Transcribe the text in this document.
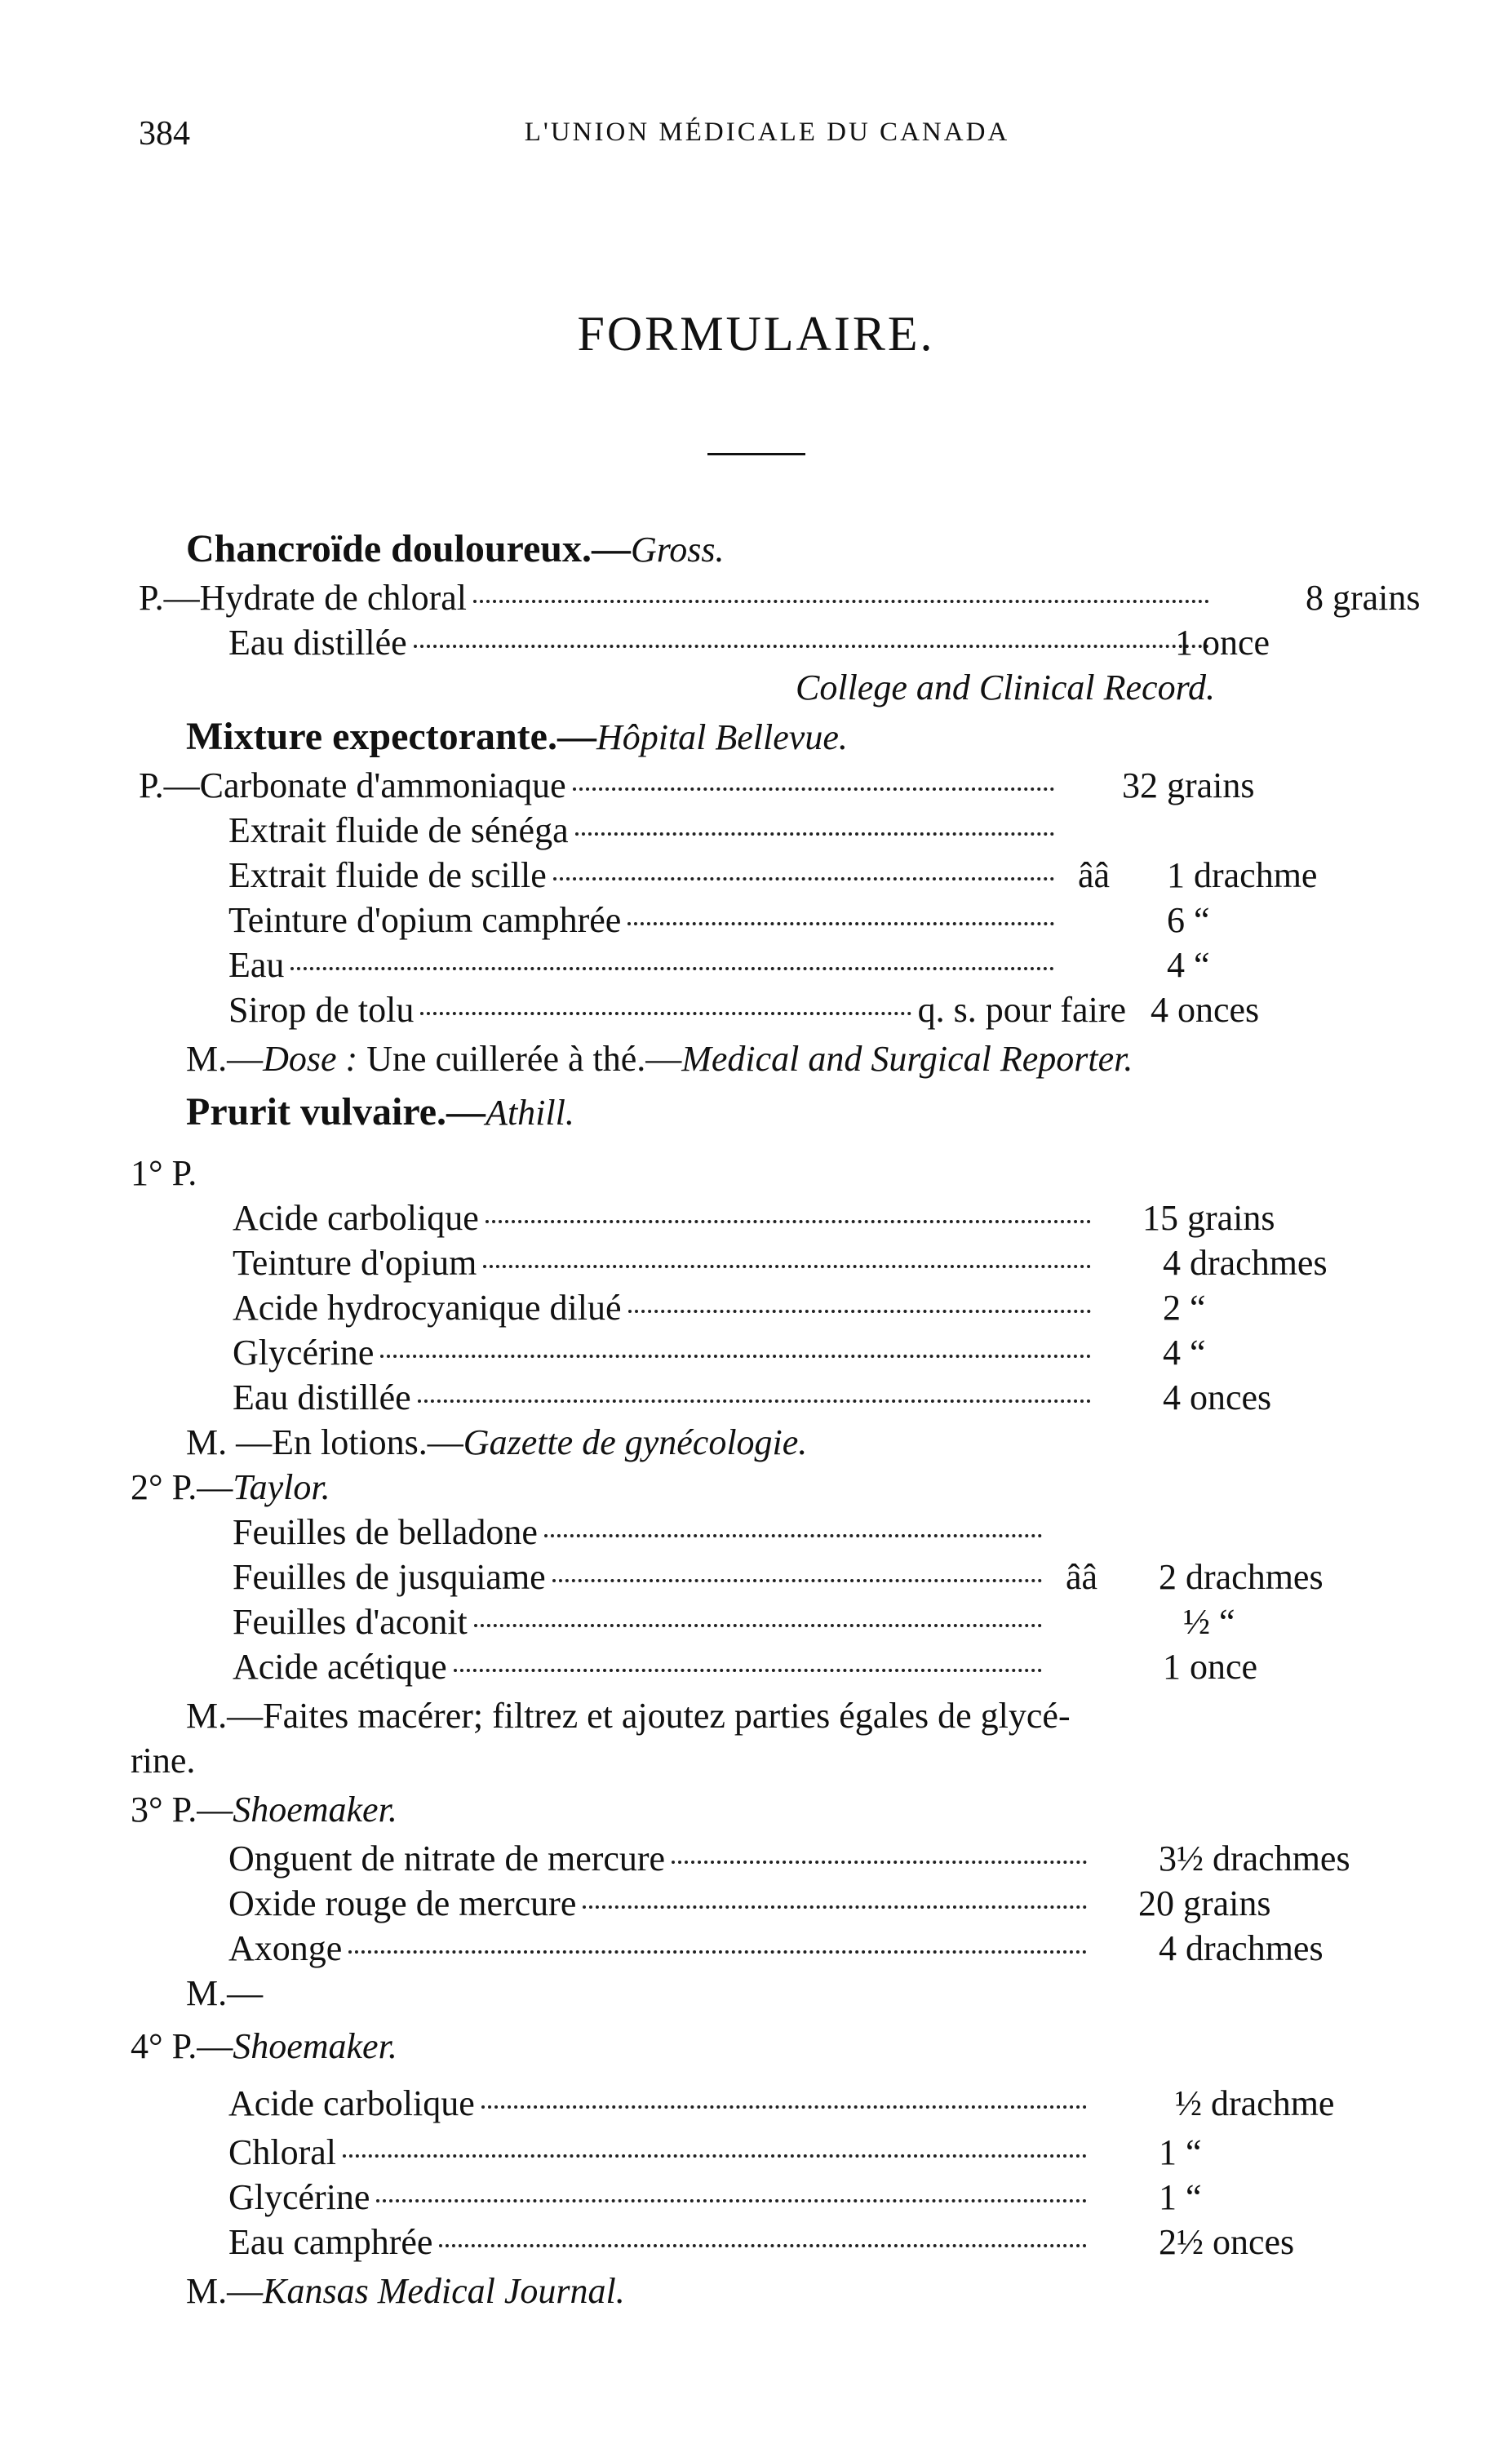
384	L'UNION MÉDICALE DU CANADA
FORMULAIRE.
Chancroïde douloureux.—Gross.
P.—Hydrate de chloral	8 grains
Eau distillée	1 once
College and Clinical Record.
Mixture expectorante.—Hôpital Bellevue.
P.—Carbonate d'ammoniaque	32 grains
Extrait fluide de sénéga
Extrait fluide de scille	ââ 1 drachme
Teinture d'opium camphrée	6 “
Eau	4 “
Sirop de tolu	q. s. pour faire 4 onces
M.—Dose : Une cuillerée à thé.—Medical and Surgical Reporter.
Prurit vulvaire.—Athill.
1° P.
Acide carbolique	15 grains
Teinture d'opium	4 drachmes
Acide hydrocyanique dilué	2 “
Glycérine	4 “
Eau distillée	4 onces
M. —En lotions.—Gazette de gynécologie.
2° P.—Taylor.
Feuilles de belladone
Feuilles de jusquiame	ââ 2 drachmes
Feuilles d'aconit	½ “
Acide acétique	1 once
M.—Faites macérer; filtrez et ajoutez parties égales de glycé-
rine.
3° P.—Shoemaker.
Onguent de nitrate de mercure	3½ drachmes
Oxide rouge de mercure	20 grains
Axonge	4 drachmes
M.—
4° P.—Shoemaker.
Acide carbolique	½ drachme
Chloral	1 “
Glycérine	1 “
Eau camphrée	2½ onces
M.—Kansas Medical Journal.
